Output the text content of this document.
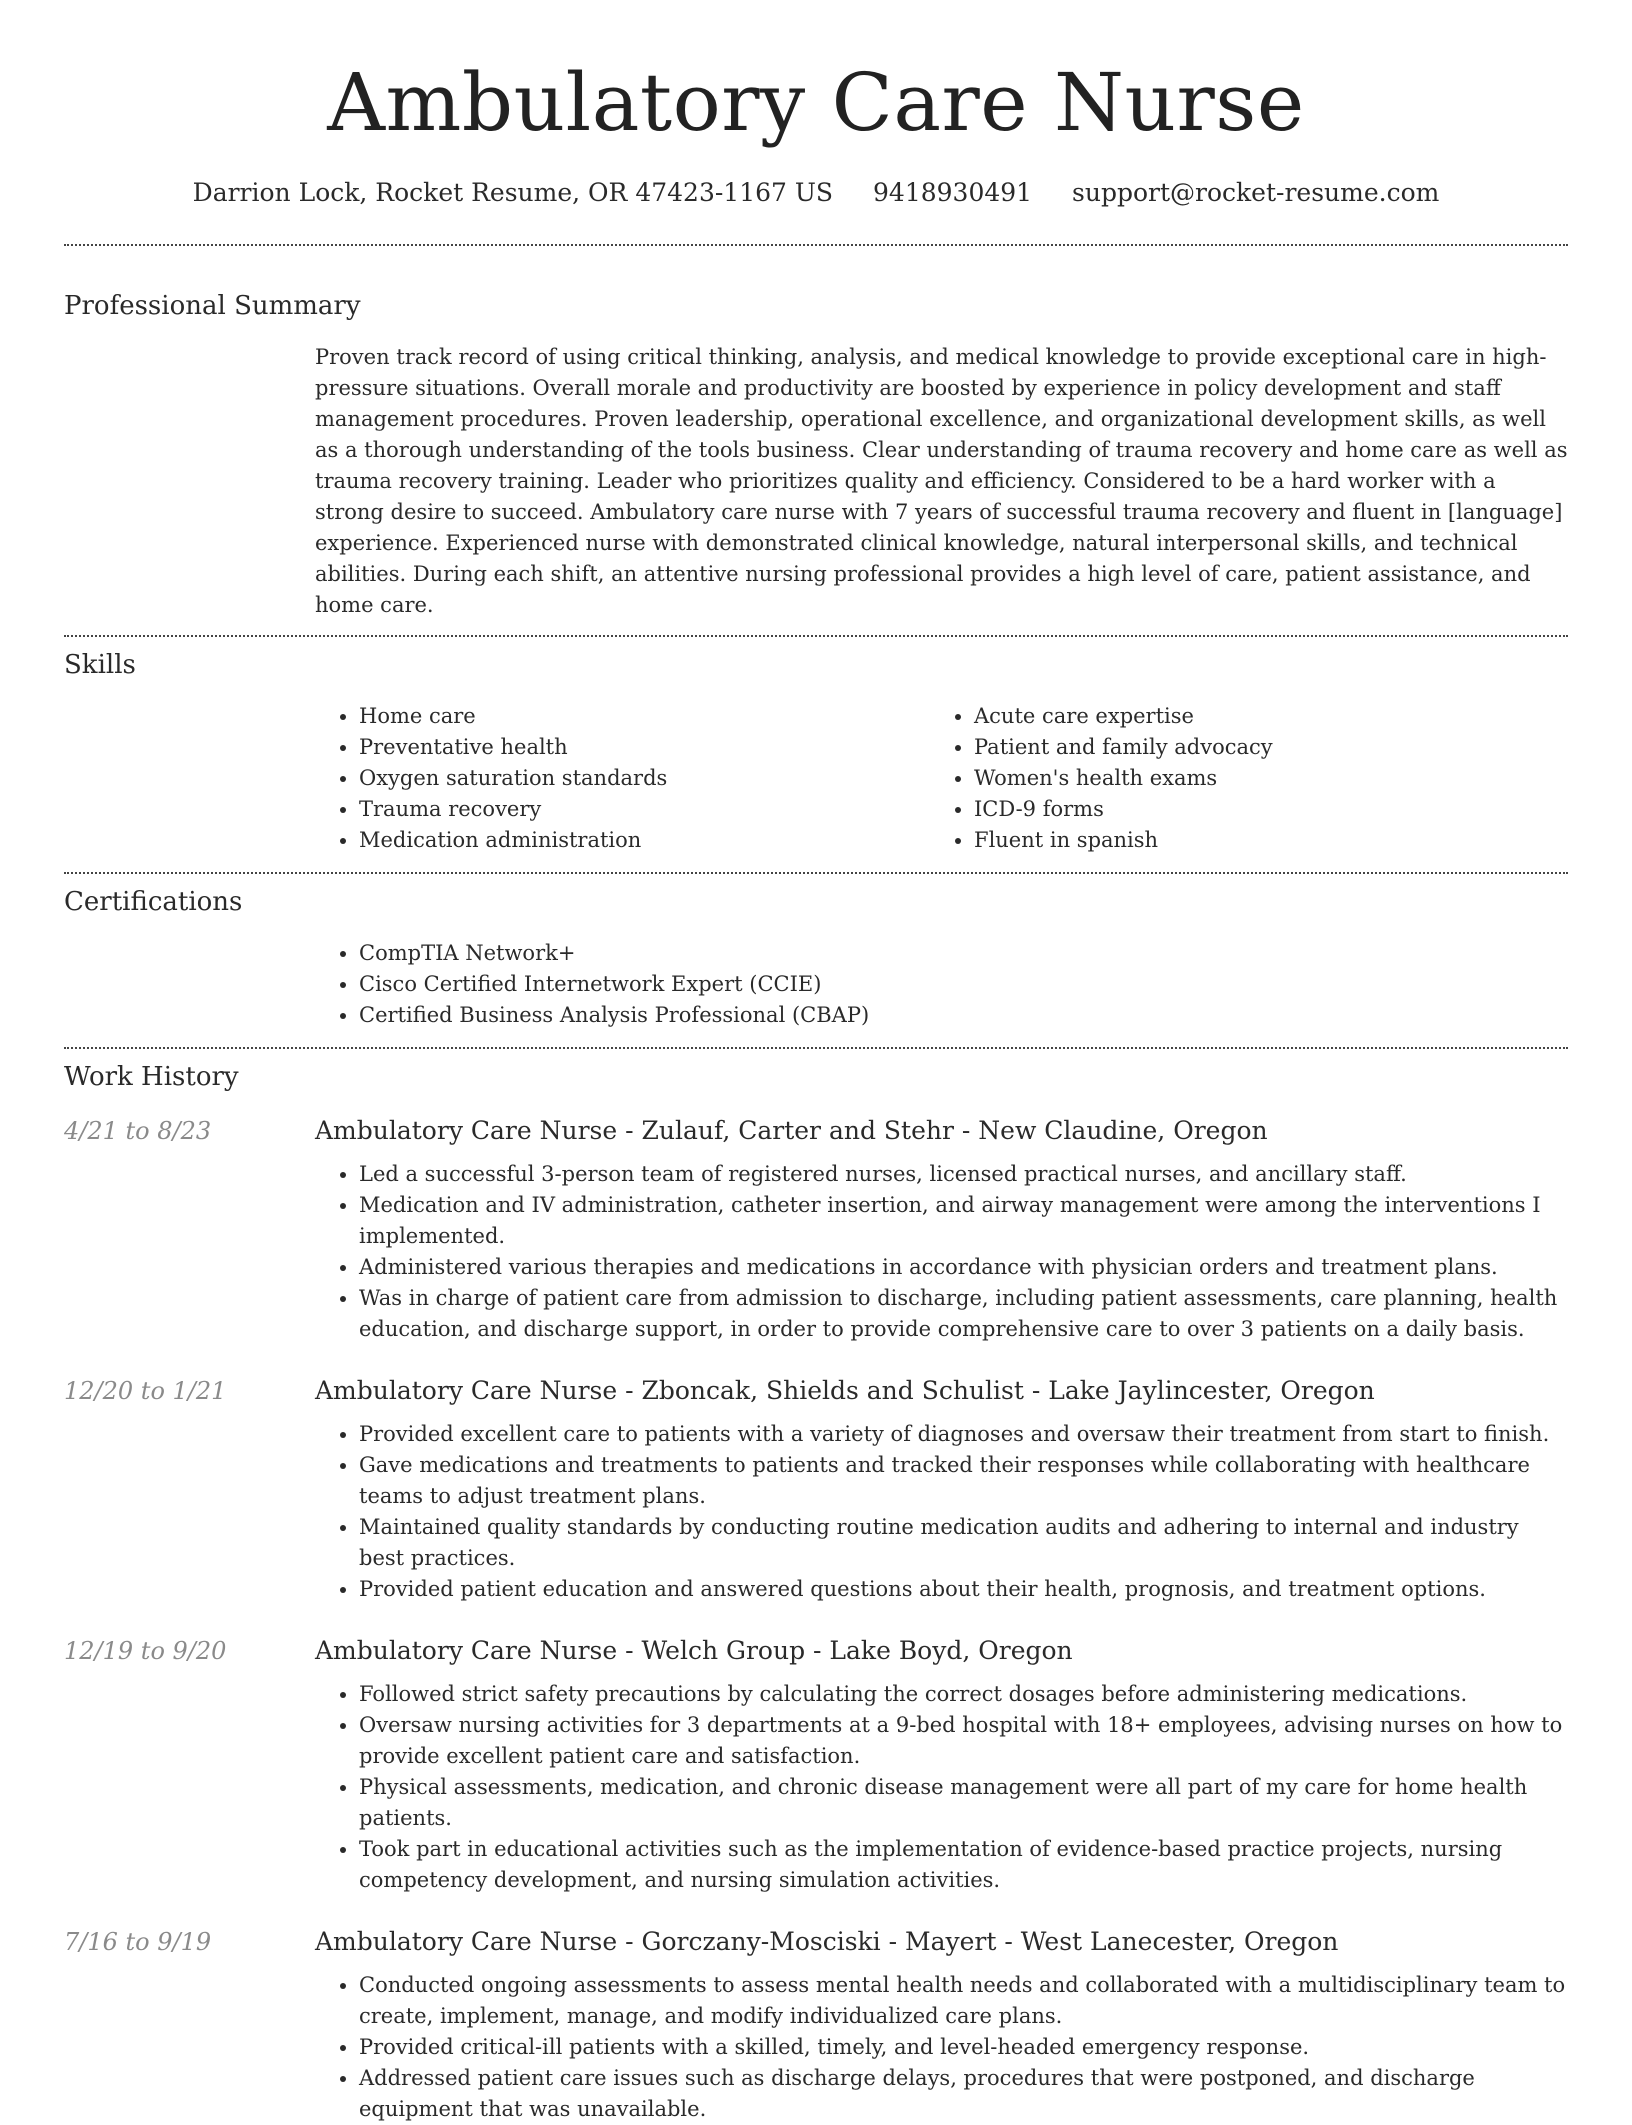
Ambulatory Care Nurse
Darrion Lock, Rocket Resume, OR 47423-1167 US 9418930491 support@rocket-resume.com
Professional Summary
Proven track record of using critical thinking, analysis, and medical knowledge to provide exceptional care in high-pressure situations. Overall morale and productivity are boosted by experience in policy development and staff management procedures. Proven leadership, operational excellence, and organizational development skills, as well as a thorough understanding of the tools business. Clear understanding of trauma recovery and home care as well as trauma recovery training. Leader who prioritizes quality and efficiency. Considered to be a hard worker with a strong desire to succeed. Ambulatory care nurse with 7 years of successful trauma recovery and fluent in [language] experience. Experienced nurse with demonstrated clinical knowledge, natural interpersonal skills, and technical abilities. During each shift, an attentive nursing professional provides a high level of care, patient assistance, and home care.
Skills
• Home care
• Preventative health
• Oxygen saturation standards
• Trauma recovery
• Medication administration
• Acute care expertise
• Patient and family advocacy
• Women's health exams
• ICD-9 forms
• Fluent in spanish
Certifications
• CompTIA Network+
• Cisco Certified Internetwork Expert (CCIE)
• Certified Business Analysis Professional (CBAP)
Work History
4/21 to 8/23	Ambulatory Care Nurse - Zulauf, Carter and Stehr - New Claudine, Oregon
• Led a successful 3-person team of registered nurses, licensed practical nurses, and ancillary staff.
• Medication and IV administration, catheter insertion, and airway management were among the interventions I implemented.
• Administered various therapies and medications in accordance with physician orders and treatment plans.
• Was in charge of patient care from admission to discharge, including patient assessments, care planning, health education, and discharge support, in order to provide comprehensive care to over 3 patients on a daily basis.
12/20 to 1/21	Ambulatory Care Nurse - Zboncak, Shields and Schulist - Lake Jaylincester, Oregon
• Provided excellent care to patients with a variety of diagnoses and oversaw their treatment from start to finish.
• Gave medications and treatments to patients and tracked their responses while collaborating with healthcare teams to adjust treatment plans.
• Maintained quality standards by conducting routine medication audits and adhering to internal and industry best practices.
• Provided patient education and answered questions about their health, prognosis, and treatment options.
12/19 to 9/20	Ambulatory Care Nurse - Welch Group - Lake Boyd, Oregon
• Followed strict safety precautions by calculating the correct dosages before administering medications.
• Oversaw nursing activities for 3 departments at a 9-bed hospital with 18+ employees, advising nurses on how to provide excellent patient care and satisfaction.
• Physical assessments, medication, and chronic disease management were all part of my care for home health patients.
• Took part in educational activities such as the implementation of evidence-based practice projects, nursing competency development, and nursing simulation activities.
7/16 to 9/19	Ambulatory Care Nurse - Gorczany-Mosciski - Mayert - West Lanecester, Oregon
• Conducted ongoing assessments to assess mental health needs and collaborated with a multidisciplinary team to create, implement, manage, and modify individualized care plans.
• Provided critical-ill patients with a skilled, timely, and level-headed emergency response.
• Addressed patient care issues such as discharge delays, procedures that were postponed, and discharge equipment that was unavailable.
